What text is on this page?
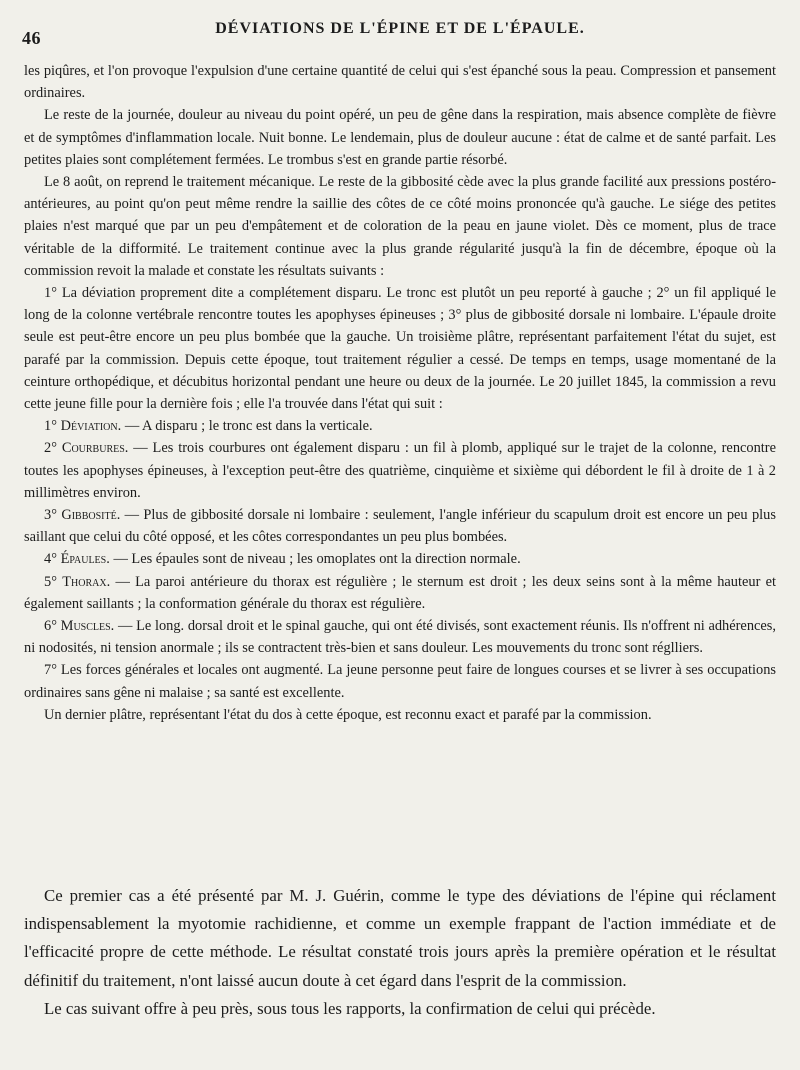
46	DÉVIATIONS DE L'ÉPINE ET DE L'ÉPAULE.

les piqûres, et l'on provoque l'expulsion d'une certaine quantité de celui qui s'est épanché sous la peau. Compression et pansement ordinaires.

Le reste de la journée, douleur au niveau du point opéré, un peu de gêne dans la respiration, mais absence complète de fièvre et de symptômes d'inflammation locale. Nuit bonne. Le lendemain, plus de douleur aucune : état de calme et de santé parfait. Les petites plaies sont complétement fermées. Le trombus s'est en grande partie résorbé.

Le 8 août, on reprend le traitement mécanique. Le reste de la gibbosité cède avec la plus grande facilité aux pressions postéro-antérieures, au point qu'on peut même rendre la saillie des côtes de ce côté moins prononcée qu'à gauche. Le siége des petites plaies n'est marqué que par un peu d'empâtement et de coloration de la peau en jaune violet. Dès ce moment, plus de trace véritable de la difformité. Le traitement continue avec la plus grande régularité jusqu'à la fin de décembre, époque où la commission revoit la malade et constate les résultats suivants :

1° La déviation proprement dite a complétement disparu. Le tronc est plutôt un peu reporté à gauche ; 2° un fil appliqué le long de la colonne vertébrale rencontre toutes les apophyses épineuses ; 3° plus de gibbosité dorsale ni lombaire. L'épaule droite seule est peut-être encore un peu plus bombée que la gauche. Un troisième plâtre, représentant parfaitement l'état du sujet, est parafé par la commission. Depuis cette époque, tout traitement régulier a cessé. De temps en temps, usage momentané de la ceinture orthopédique, et décubitus horizontal pendant une heure ou deux de la journée. Le 20 juillet 1845, la commission a revu cette jeune fille pour la dernière fois ; elle l'a trouvée dans l'état qui suit :

1° Déviation. — A disparu ; le tronc est dans la verticale.

2° Courbures. — Les trois courbures ont également disparu : un fil à plomb, appliqué sur le trajet de la colonne, rencontre toutes les apophyses épineuses, à l'exception peut-être des quatrième, cinquième et sixième qui débordent le fil à droite de 1 à 2 millimètres environ.

3° Gibbosité. — Plus de gibbosité dorsale ni lombaire : seulement, l'angle inférieur du scapulum droit est encore un peu plus saillant que celui du côté opposé, et les côtes correspondantes un peu plus bombées.

4° Épaules. — Les épaules sont de niveau ; les omoplates ont la direction normale.

5° Thorax. — La paroi antérieure du thorax est régulière ; le sternum est droit ; les deux seins sont à la même hauteur et également saillants ; la conformation générale du thorax est régulière.

6° Muscles. — Le long. dorsal droit et le spinal gauche, qui ont été divisés, sont exactement réunis. Ils n'offrent ni adhérences, ni nodosités, ni tension anormale ; ils se contractent très-bien et sans douleur. Les mouvements du tronc sont réglliers.

7° Les forces générales et locales ont augmenté. La jeune personne peut faire de longues courses et se livrer à ses occupations ordinaires sans gêne ni malaise ; sa santé est excellente.

Un dernier plâtre, représentant l'état du dos à cette époque, est reconnu exact et parafé par la commission.

Ce premier cas a été présenté par M. J. Guérin, comme le type des déviations de l'épine qui réclament indispensablement la myotomie rachidienne, et comme un exemple frappant de l'action immédiate et de l'efficacité propre de cette méthode. Le résultat constaté trois jours après la première opération et le résultat définitif du traitement, n'ont laissé aucun doute à cet égard dans l'esprit de la commission.

Le cas suivant offre à peu près, sous tous les rapports, la confirmation de celui qui précède.
